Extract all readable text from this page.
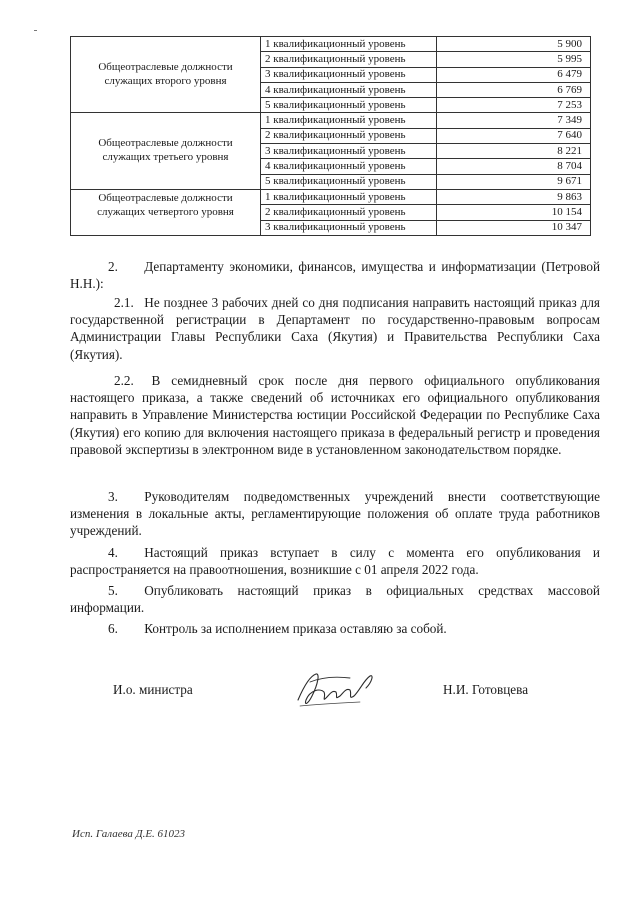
Общеотраслевые должности служащих второго уровня	1 квалификационный уровень	5 900
	2 квалификационный уровень	5 995
	3 квалификационный уровень	6 479
	4 квалификационный уровень	6 769
	5 квалификационный уровень	7 253
Общеотраслевые должности служащих третьего уровня	1 квалификационный уровень	7 349
	2 квалификационный уровень	7 640
	3 квалификационный уровень	8 221
	4 квалификационный уровень	8 704
	5 квалификационный уровень	9 671
Общеотраслевые должности служащих четвертого уровня	1 квалификационный уровень	9 863
	2 квалификационный уровень	10 154
	3 квалификационный уровень	10 347

2.  Департаменту экономики, финансов, имущества и информатизации (Петровой Н.Н.):

2.1.  Не позднее 3 рабочих дней со дня подписания направить настоящий приказ для государственной регистрации в Департамент по государственно-правовым вопросам Администрации Главы Республики Саха (Якутия) и Правительства Республики Саха (Якутия).

2.2.  В семидневный срок после дня первого официального опубликования настоящего приказа, а также сведений об источниках его официального опубликования направить в Управление Министерства юстиции Российской Федерации по Республике Саха (Якутия) его копию для включения настоящего приказа в федеральный регистр и проведения правовой экспертизы в электронном виде в установленном законодательством порядке.

3.  Руководителям подведомственных учреждений внести соответствующие изменения в локальные акты, регламентирующие положения об оплате труда работников учреждений.

4.  Настоящий приказ вступает в силу с момента его опубликования и распространяется на правоотношения, возникшие с 01 апреля 2022 года.

5.  Опубликовать настоящий приказ в официальных средствах массовой информации.

6.  Контроль за исполнением приказа оставляю за собой.

И.о. министра	Н.И. Готовцева
Исп. Галаева Д.Е. 61023
